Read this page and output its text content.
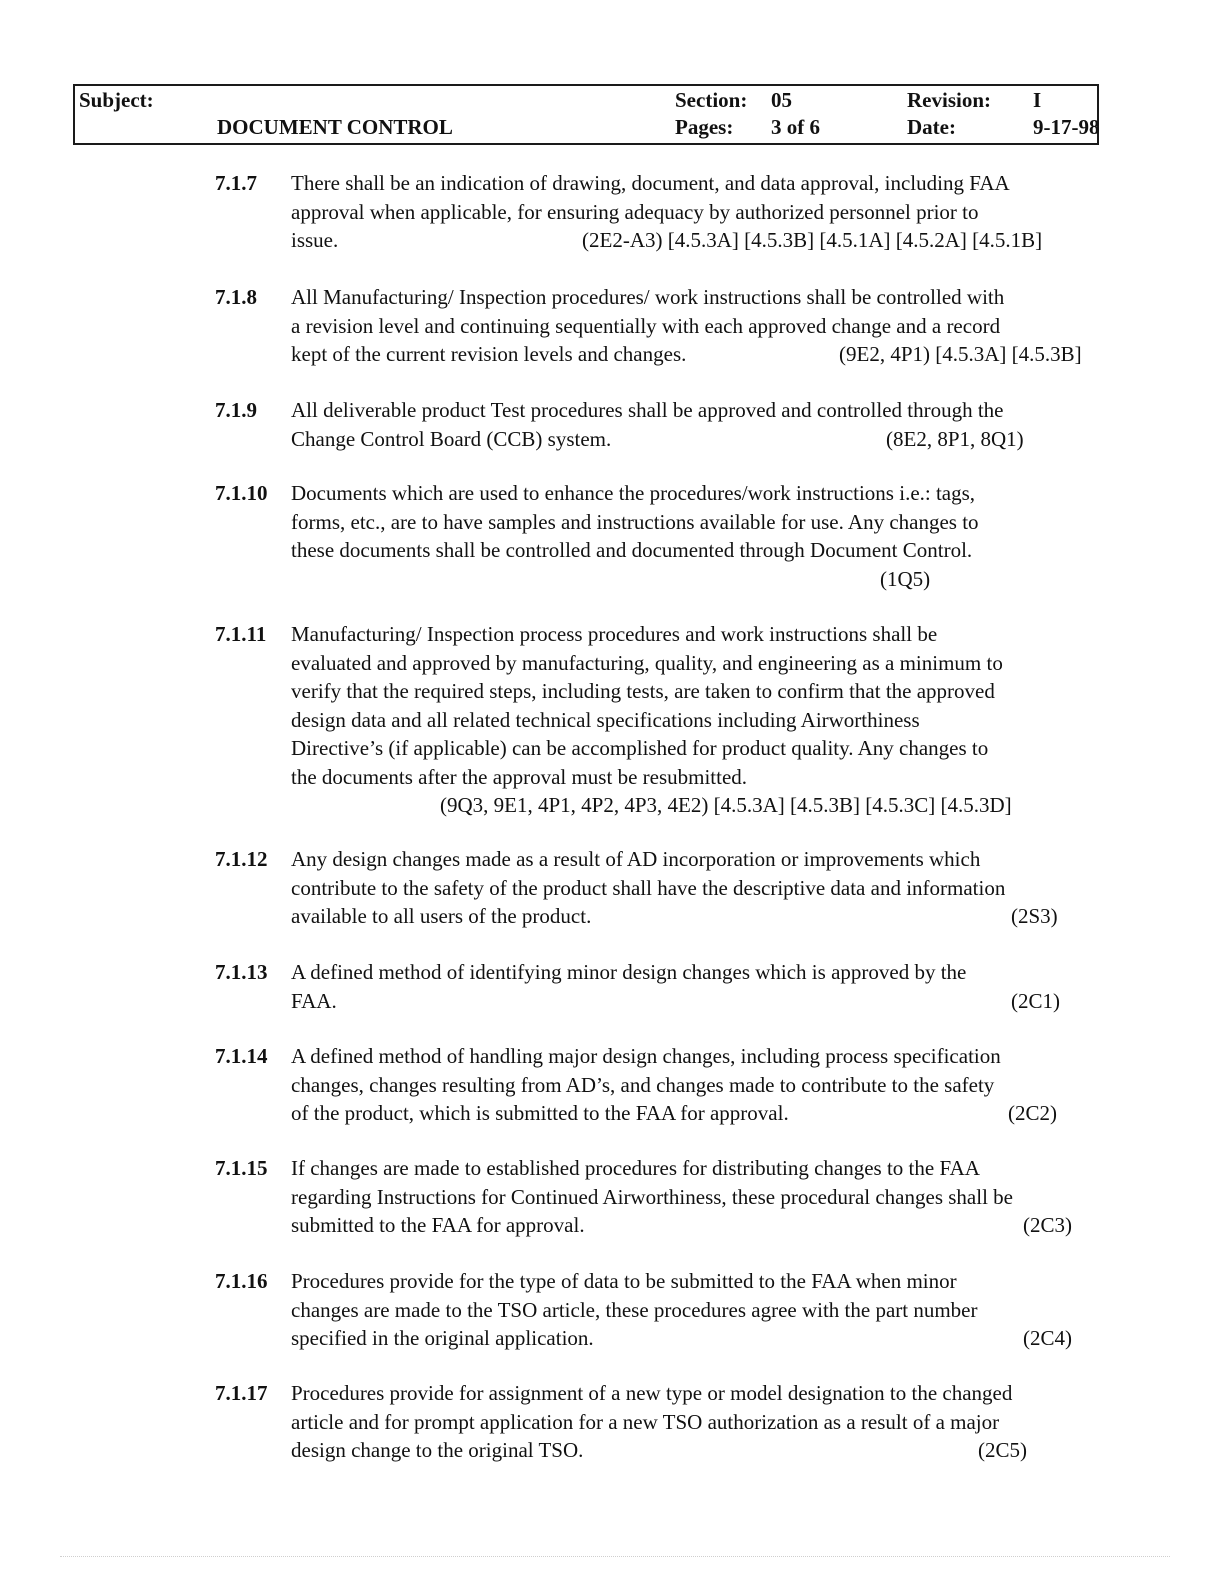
Subject:
DOCUMENT CONTROL
Section: 05
Pages: 3 of 6
Revision: I
Date:	9-17-98
7.1.7	There shall be an indication of drawing, document, and data approval, including FAA
approval when applicable, for ensuring adequacy by authorized personnel prior to
issue.	(2E2-A3) [4.5.3A] [4.5.3B] [4.5.1A] [4.5.2A] [4.5.1B]
7.1.8	All Manufacturing/ Inspection procedures/ work instructions shall be controlled with
a revision level and continuing sequentially with each approved change and a record
kept of the current revision levels and changes.	(9E2, 4P1) [4.5.3A] [4.5.3B]
7.1.9	All deliverable product Test procedures shall be approved and controlled through the
Change Control Board (CCB) system.	(8E2, 8P1, 8Q1)
7.1.10	Documents which are used to enhance the procedures/work instructions i.e.: tags,
forms, etc., are to have samples and instructions available for use. Any changes to
these documents shall be controlled and documented through Document Control.
(1Q5)

7.1.11	Manufacturing/ Inspection process procedures and work instructions shall be
evaluated and approved by manufacturing, quality, and engineering as a minimum to
verify that the required steps, including tests, are taken to confirm that the approved
design data and all related technical specifications including Airworthiness
Directive’s (if applicable) can be accomplished for product quality. Any changes to
the documents after the approval must be resubmitted.
(9Q3, 9E1, 4P1, 4P2, 4P3, 4E2) [4.5.3A] [4.5.3B] [4.5.3C] [4.5.3D]

7.1.12	Any design changes made as a result of AD incorporation or improvements which
contribute to the safety of the product shall have the descriptive data and information
available to all users of the product.	(2S3)
7.1.13	A defined method of identifying minor design changes which is approved by the
FAA.	(2C1)
7.1.14	A defined method of handling major design changes, including process specification
changes, changes resulting from AD’s, and changes made to contribute to the safety
of the product, which is submitted to the FAA for approval.	(2C2)
7.1.15	If changes are made to established procedures for distributing changes to the FAA
regarding Instructions for Continued Airworthiness, these procedural changes shall be
submitted to the FAA for approval.	(2C3)
7.1.16	Procedures provide for the type of data to be submitted to the FAA when minor
changes are made to the TSO article, these procedures agree with the part number
specified in the original application.	(2C4)
7.1.17	Procedures provide for assignment of a new type or model designation to the changed
article and for prompt application for a new TSO authorization as a result of a major
design change to the original TSO.	(2C5)
